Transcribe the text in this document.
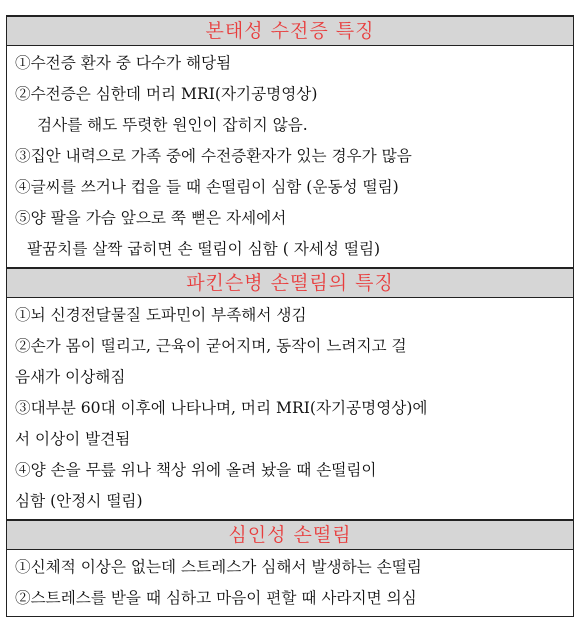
본태성 수전증 특징
①수전증 환자 중 다수가 해당됨
②수전증은 심한데 머리 MRI(자기공명영상)
검사를 해도 뚜렷한 원인이 잡히지 않음.
③집안 내력으로 가족 중에 수전증환자가 있는 경우가 많음
④글씨를 쓰거나 컵을 들 때 손떨림이 심함 (운동성 떨림)
⑤양 팔을 가슴 앞으로 쭉 뻗은 자세에서
팔꿈치를 살짝 굽히면 손 떨림이 심함 ( 자세성 떨림)
파킨슨병 손떨림의 특징
①뇌 신경전달물질 도파민이 부족해서 생김
②손가 몸이 떨리고, 근육이 굳어지며, 동작이 느려지고 걸
음새가 이상해짐
③대부분 60대 이후에 나타나며, 머리 MRI(자기공명영상)에
서 이상이 발견됨
④양 손을 무릎 위나 책상 위에 올려 놨을 때 손떨림이
심함 (안정시 떨림)
심인성 손떨림
①신체적 이상은 없는데 스트레스가 심해서 발생하는 손떨림
②스트레스를 받을 때 심하고 마음이 편할 때 사라지면 의심
